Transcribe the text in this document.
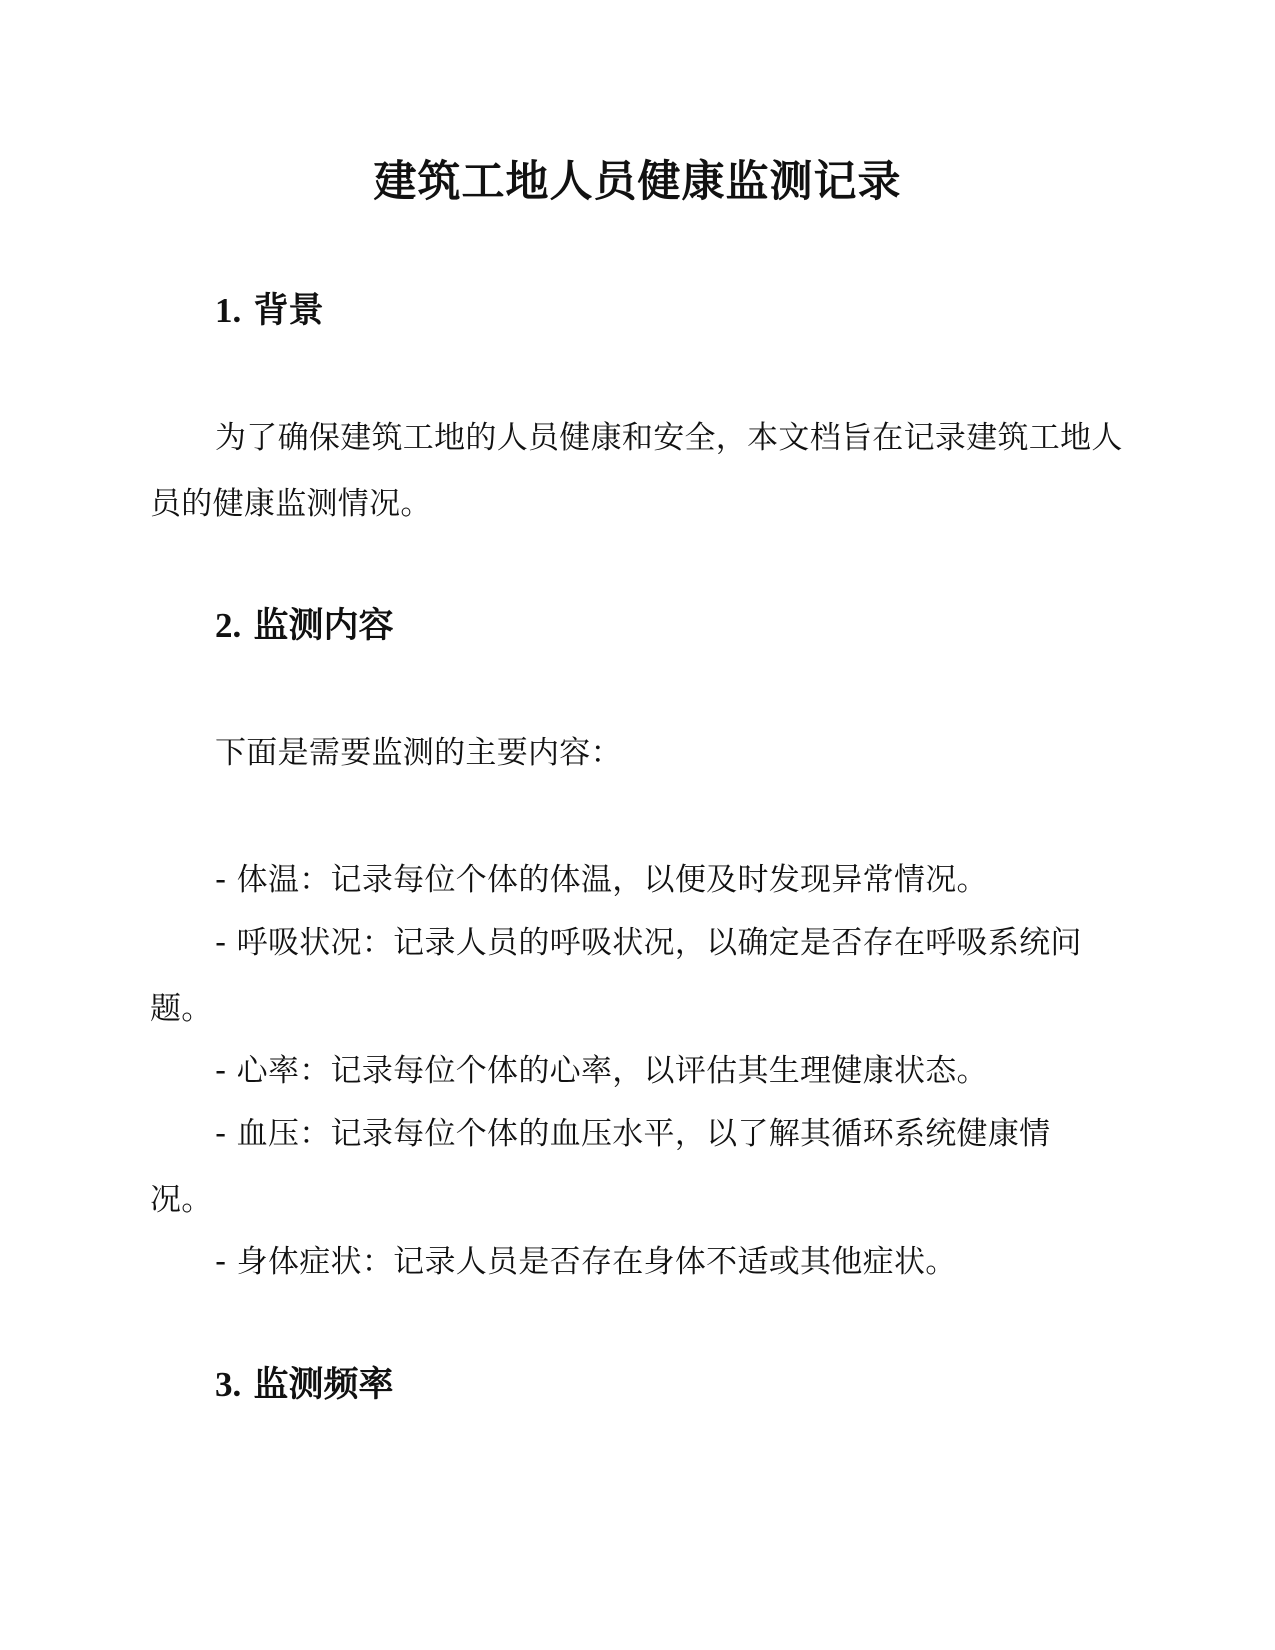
建筑工地人员健康监测记录
1. 背景

为了确保建筑工地的人员健康和安全，本文档旨在记录建筑工地人员的健康监测情况。

2. 监测内容

下面是需要监测的主要内容：

- 体温：记录每位个体的体温，以便及时发现异常情况。

- 呼吸状况：记录人员的呼吸状况，以确定是否存在呼吸系统问题。

- 心率：记录每位个体的心率，以评估其生理健康状态。

- 血压：记录每位个体的血压水平，以了解其循环系统健康情况。

- 身体症状：记录人员是否存在身体不适或其他症状。

3. 监测频率
